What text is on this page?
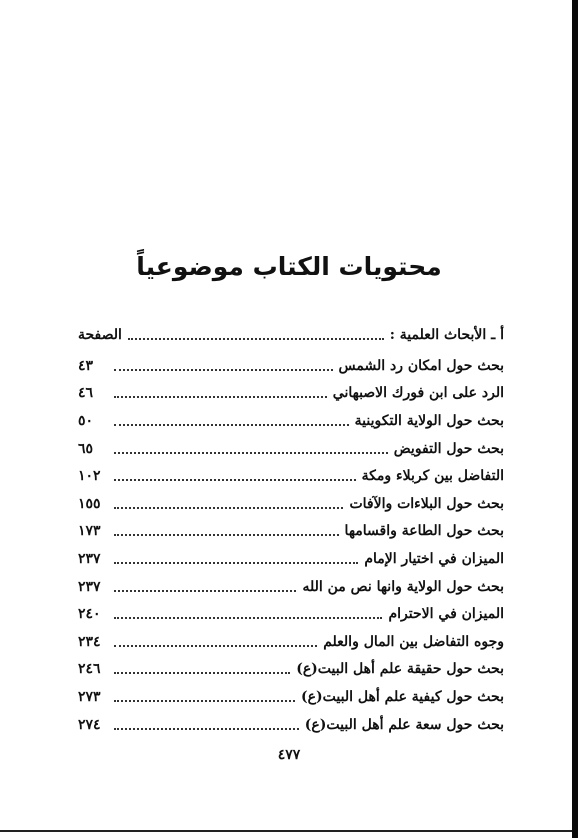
محتويات الكتاب موضوعياً
أ ـ الأبحاث العلمية :
الصفحة
بحث حول امكان رد الشمس
٤٣
الرد على ابن فورك الاصبهاني
٤٦
بحث حول الولاية التكوينية
٥٠
بحث حول التفويض
٦٥
التفاضل بين كربلاء ومكة
١٠٢
بحث حول البلاءات والآفات
١٥٥
بحث حول الطاعة واقسامها
١٧٣
الميزان في اختيار الإمام
٢٣٧
بحث حول الولاية وانها نص من الله
٢٣٧
الميزان في الاحترام
٢٤٠
وجوه التفاضل بين المال والعلم
٢٣٤
بحث حول حقيقة علم أهل البيت(ع)
٢٤٦
بحث حول كيفية علم أهل البيت(ع)
٢٧٣
بحث حول سعة علم أهل البيت(ع)
٢٧٤
٤٧٧
